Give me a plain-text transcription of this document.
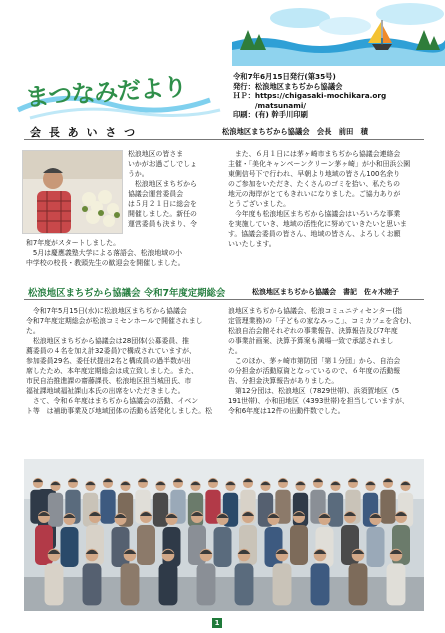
まつなみだより	令和7年6月15日発行(第35号)
発行：松浪地区まちぢから協議会
ＨＰ：https://chigasaki-mochikara.org
　　　/matsunami/
印刷：(有) 幹手川印刷
会 長 あ い さ つ	松浪地区まちぢから協議会　会長　前田　積
松浪地区の皆さま
いかがお過ごしでしょ
うか。
　松浪地区まちぢから
協議会運営委員会
は５月２１日に総会を
開催しました。新任の
運営委員も決まり、令
和7年度がスタートしました。
　5月は慶應義塾大学による落語会、松浪地域の小
中学校の校長・教頭先生の歓迎会を開催しました。
　また、６月１日には茅ヶ崎市まちぢから協議会連絡会
主催・「美化キャンペーンクリーン茅ヶ崎」が小和田浜公園
東側信号下で行われ、早朝より地域の皆さん100名余り
のご参加をいただき、たくさんのゴミを拾い、私たちの
地元の海岸がとてもきれいになりました。ご協力ありが
とうございました。
　今年度も松浪地区まちぢから協議会はいろいろな事業
を実施していき、地域の活性化に努めていきたいと思いま
す。協議会委員の皆さん、地域の皆さん、よろしくお願
いいたします。
松浪地区まちぢから協議会 令和7年度定期総会	松浪地区まちぢから協議会　書記　佐々木睦子
　令和7年5月15日(水)に松浪地区まちぢから協議会
令和7年度定期総会が松浪コミセンホールで開催されまし
た。
　松浪地区まちぢから協議会は28団体(公募委員、推
薦委員の４名を加え計32委員)で構成されていますが、
参加委員29名、委任状提出2名と構成員の過半数が出
席したため、本年度定期総会は成立致しました。また、
市民自治推進課の齋藤課長、松浪地区担当城田氏、市
福祉課地域福祉課山本氏の出席をいただきました。
　さて、令和６年度はまちぢから協議会の活動、イベン
ト等　は補助事業及び地域団体の活動も活発化しました。松
浪地区まちぢから協議会、松浪コミュニティセンター(指
定管理業務)の「子どもの家なみっこ」、コミカフェを含む)、
松浪自治会館それぞれの事業報告、決算報告及び7年度
の事業計画案、決算予算案も満場一致で承認されまし
た。
　このほか、茅ヶ崎市第防団「第１分団」から、自治会
の分担金が活動原資となっているので、６年度の活動報
告、分担金決算報告がありました。
　第12分団は、松浪地区（7829世帯)、浜須賀地区（5
191世帯)、小和田地区（4393世帯)を担当していますが、
令和6年度は12件の出動件数でした。
1
